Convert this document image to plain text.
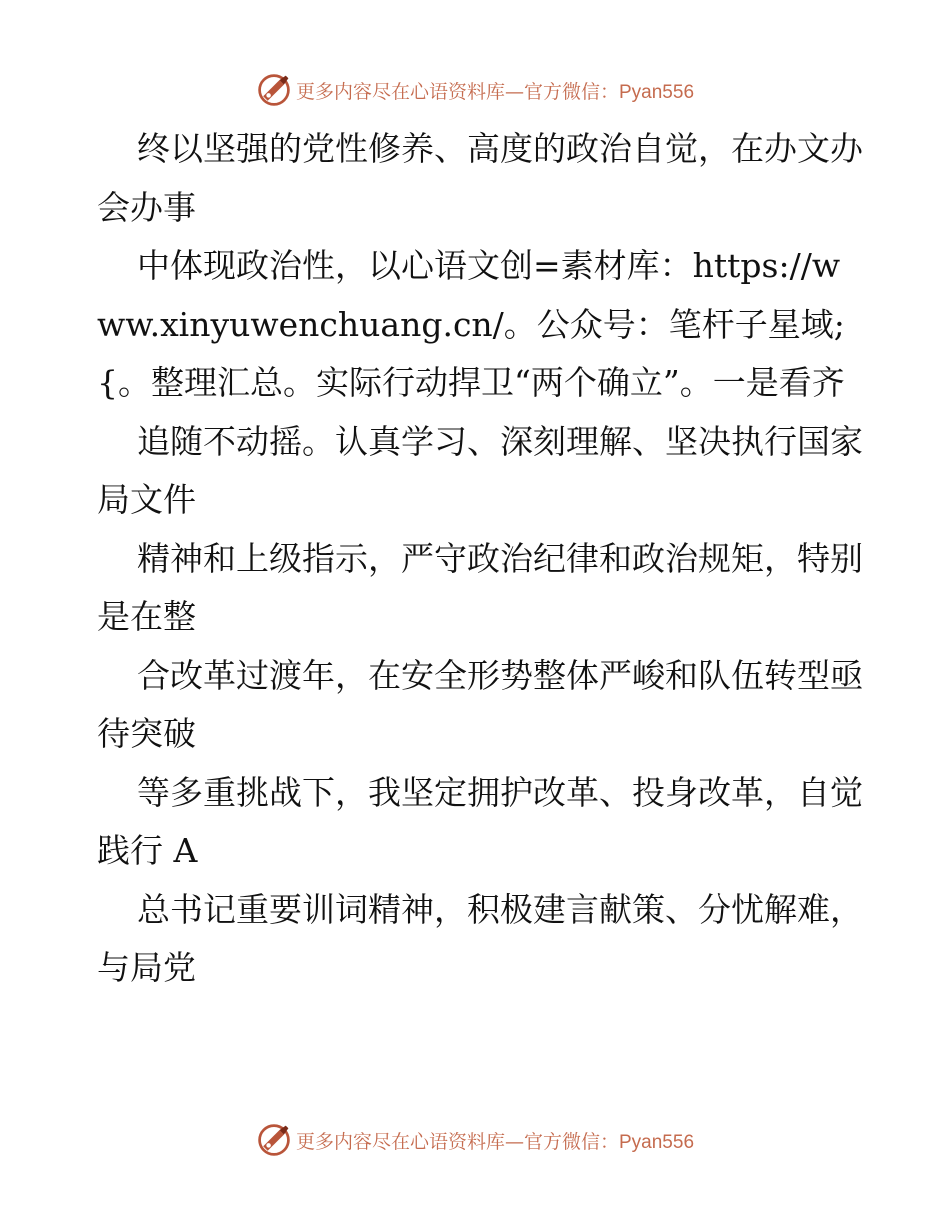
更多内容尽在心语资料库—官方微信：Pyan556

终以坚强的党性修养、高度的政治自觉，在办文办会办事

中体现政治性，以心语文创=素材库：https://www.xinyuwenchuang.cn/。公众号：笔杆子星域;{。整理汇总。实际行动捍卫“两个确立”。一是看齐

追随不动摇。认真学习、深刻理解、坚决执行国家局文件

精神和上级指示，严守政治纪律和政治规矩，特别是在整

合改革过渡年，在安全形势整体严峻和队伍转型亟待突破

等多重挑战下，我坚定拥护改革、投身改革，自觉践行 A

总书记重要训词精神，积极建言献策、分忧解难，与局党

更多内容尽在心语资料库—官方微信：Pyan556
